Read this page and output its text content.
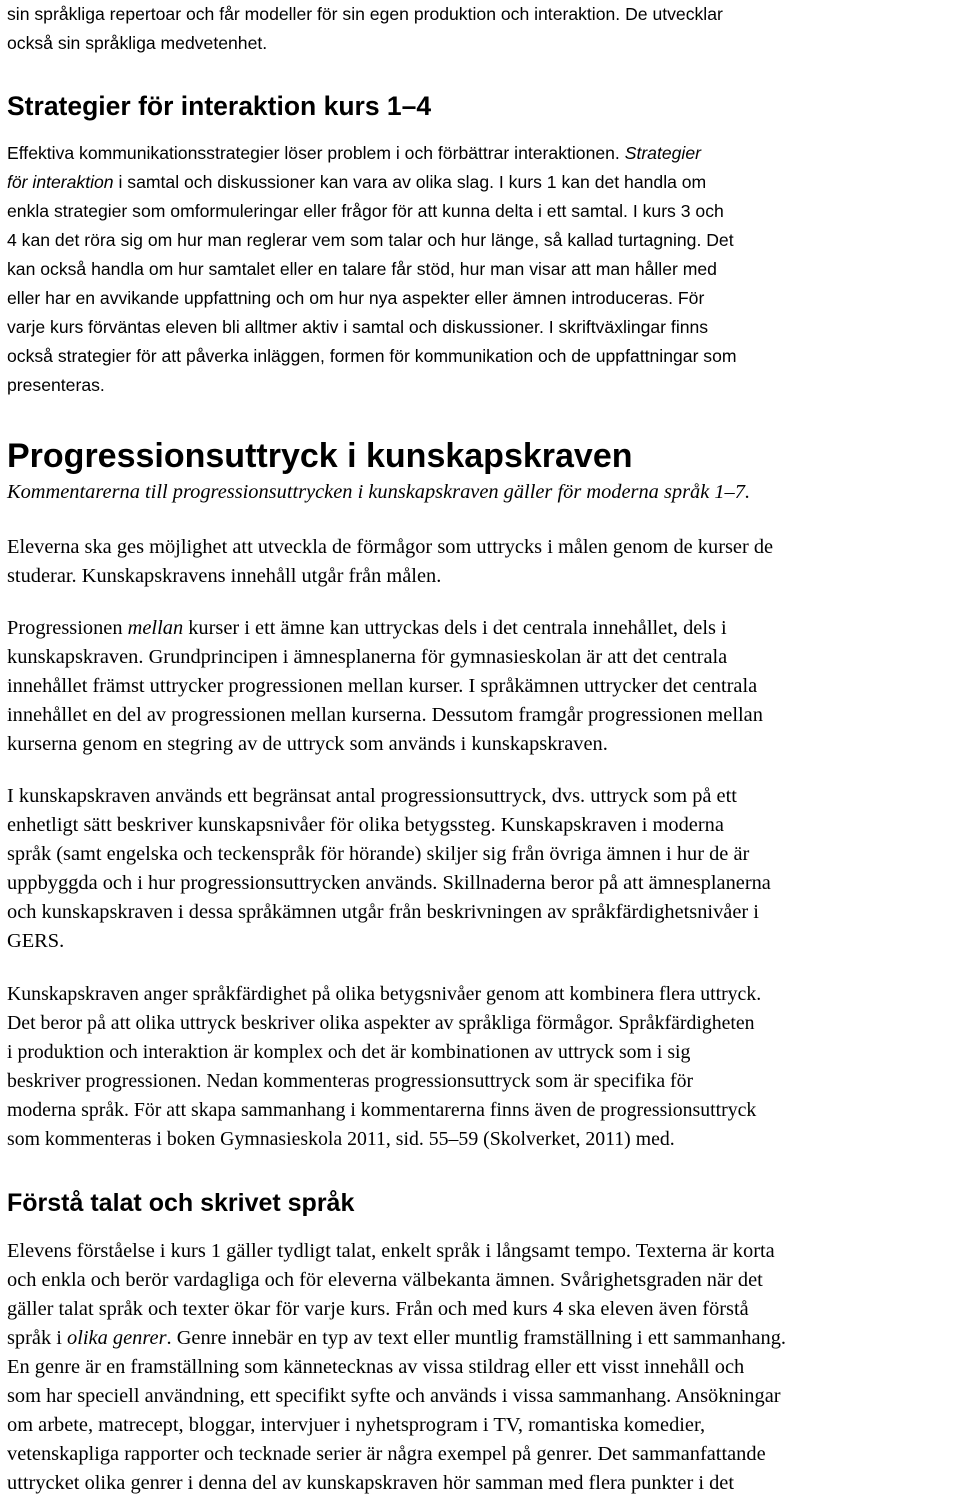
sin språkliga repertoar och får modeller för sin egen produktion och interaktion. De utvecklar
också sin språkliga medvetenhet.
Strategier för interaktion kurs 1–4
Effektiva kommunikationsstrategier löser problem i och förbättrar interaktionen. Strategier
för interaktion i samtal och diskussioner kan vara av olika slag. I kurs 1 kan det handla om
enkla strategier som omformuleringar eller frågor för att kunna delta i ett samtal. I kurs 3 och
4 kan det röra sig om hur man reglerar vem som talar och hur länge, så kallad turtagning. Det
kan också handla om hur samtalet eller en talare får stöd, hur man visar att man håller med
eller har en avvikande uppfattning och om hur nya aspekter eller ämnen introduceras. För
varje kurs förväntas eleven bli alltmer aktiv i samtal och diskussioner. I skriftväxlingar finns
också strategier för att påverka inläggen, formen för kommunikation och de uppfattningar som
presenteras.
Progressionsuttryck i kunskapskraven
Kommentarerna till progressionsuttrycken i kunskapskraven gäller för moderna språk 1–7.
Eleverna ska ges möjlighet att utveckla de förmågor som uttrycks i målen genom de kurser de
studerar. Kunskapskravens innehåll utgår från målen.
Progressionen mellan kurser i ett ämne kan uttryckas dels i det centrala innehållet, dels i
kunskapskraven. Grundprincipen i ämnesplanerna för gymnasieskolan är att det centrala
innehållet främst uttrycker progressionen mellan kurser. I språkämnen uttrycker det centrala
innehållet en del av progressionen mellan kurserna. Dessutom framgår progressionen mellan
kurserna genom en stegring av de uttryck som används i kunskapskraven.
I kunskapskraven används ett begränsat antal progressionsuttryck, dvs. uttryck som på ett
enhetligt sätt beskriver kunskapsnivåer för olika betygssteg. Kunskapskraven i moderna
språk (samt engelska och teckenspråk för hörande) skiljer sig från övriga ämnen i hur de är
uppbyggda och i hur progressionsuttrycken används. Skillnaderna beror på att ämnesplanerna
och kunskapskraven i dessa språkämnen utgår från beskrivningen av språkfärdighetsnivåer i
GERS.
Kunskapskraven anger språkfärdighet på olika betygsnivåer genom att kombinera flera uttryck.
Det beror på att olika uttryck beskriver olika aspekter av språkliga förmågor. Språkfärdigheten
i produktion och interaktion är komplex och det är kombinationen av uttryck som i sig
beskriver progressionen. Nedan kommenteras progressionsuttryck som är specifika för
moderna språk. För att skapa sammanhang i kommentarerna finns även de progressionsuttryck
som kommenteras i boken Gymnasieskola 2011, sid. 55–59 (Skolverket, 2011) med.
Förstå talat och skrivet språk
Elevens förståelse i kurs 1 gäller tydligt talat, enkelt språk i långsamt tempo. Texterna är korta
och enkla och berör vardagliga och för eleverna välbekanta ämnen. Svårighetsgraden när det
gäller talat språk och texter ökar för varje kurs. Från och med kurs 4 ska eleven även förstå
språk i olika genrer. Genre innebär en typ av text eller muntlig framställning i ett sammanhang.
En genre är en framställning som kännetecknas av vissa stildrag eller ett visst innehåll och
som har speciell användning, ett specifikt syfte och används i vissa sammanhang. Ansökningar
om arbete, matrecept, bloggar, intervjuer i nyhetsprogram i TV, romantiska komedier,
vetenskapliga rapporter och tecknade serier är några exempel på genrer. Det sammanfattande
uttrycket olika genrer i denna del av kunskapskraven hör samman med flera punkter i det
